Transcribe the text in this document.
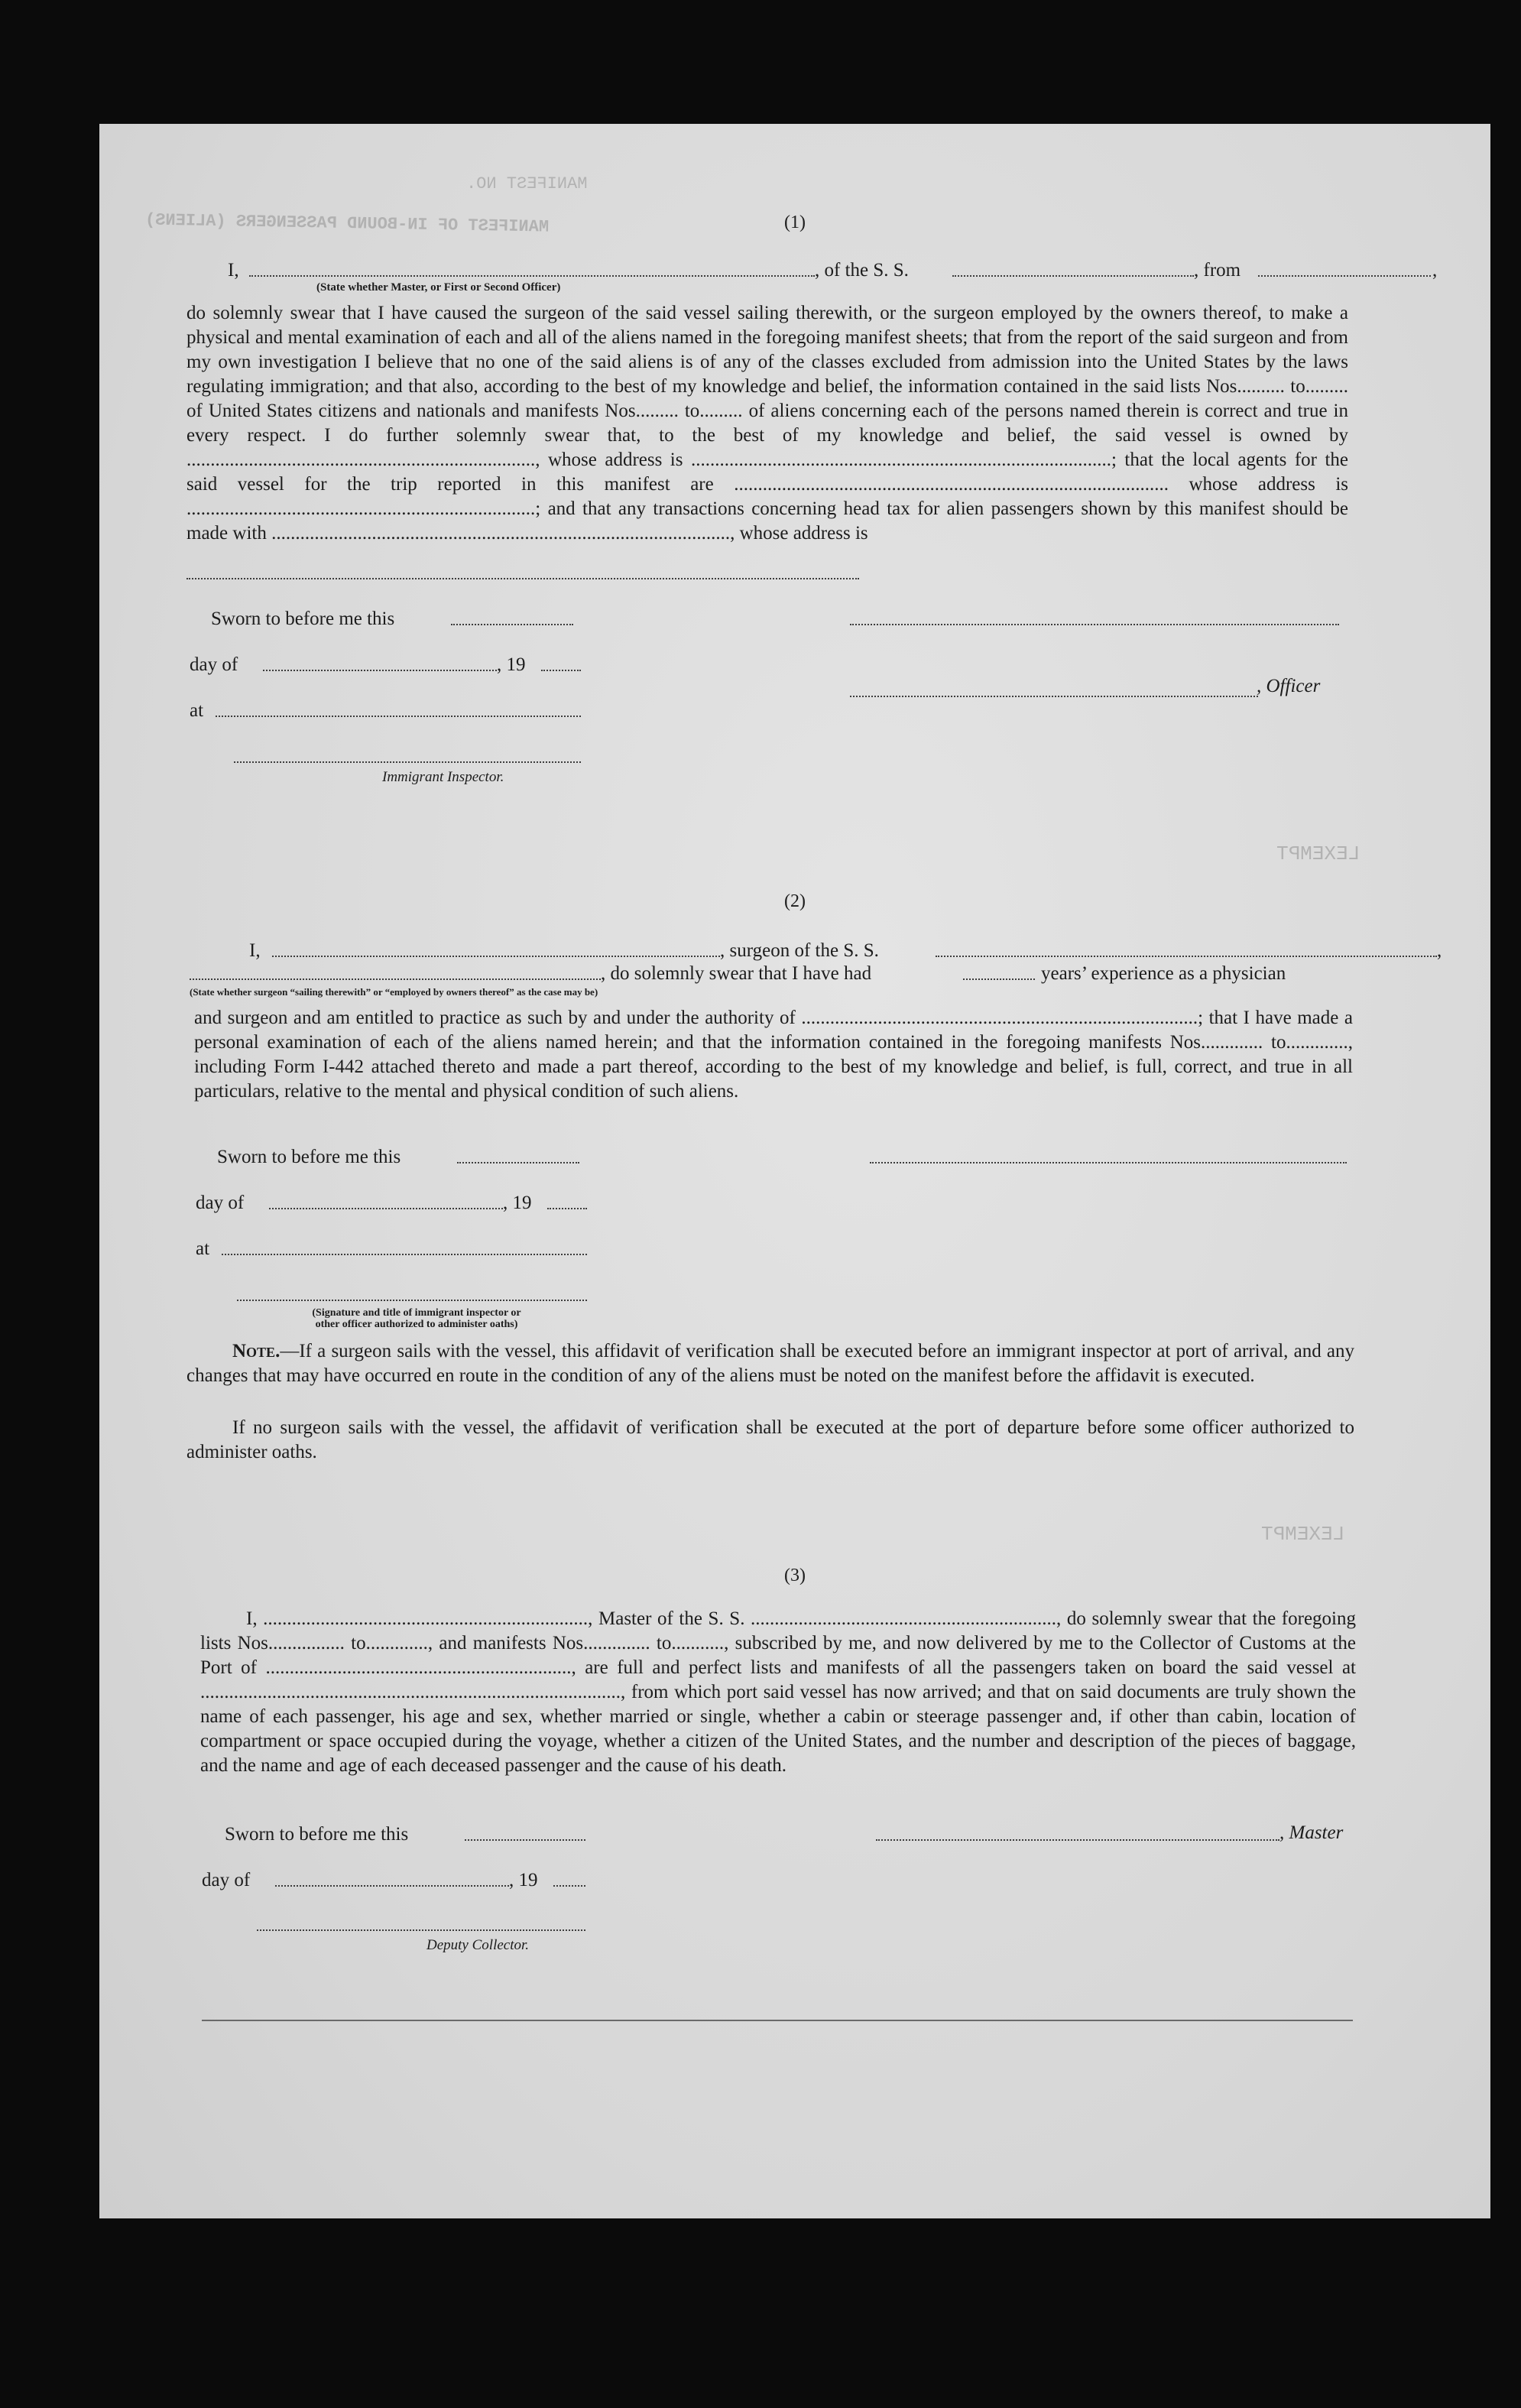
MANIFEST OF IN-BOUND PASSENGERS (ALIENS)
MANIFEST NO.
LEXEMPT
LEXEMPT
(1)
I,	, of the S. S.	, from	,
(State whether Master, or First or Second Officer)

do solemnly swear that I have caused the surgeon of the said vessel sailing therewith, or the surgeon employed by the owners thereof, to make a physical and mental examination of each and all of the aliens named in the foregoing manifest sheets; that from the report of the said surgeon and from my own investigation I believe that no one of the said aliens is of any of the classes excluded from admission into the United States by the laws regulating immigration; and that also, according to the best of my knowledge and belief, the information contained in the said lists Nos.......... to......... of United States citizens and nationals and manifests Nos......... to......... of aliens concerning each of the persons named therein is correct and true in every respect. I do further solemnly swear that, to the best of my knowledge and belief, the said vessel is owned by ........................................................................., whose address is ........................................................................................; that the local agents for the said vessel for the trip reported in this manifest are ........................................................................................... whose address is .........................................................................; and that any transactions concerning head tax for alien passengers shown by this manifest should be made with ................................................................................................, whose address is

Sworn to before me this
day of	, 19
, Officer
at
Immigrant Inspector.
(2)
I,	, surgeon of the S. S.	,
, do solemnly swear that I have had	years’ experience as a physician
(State whether surgeon “sailing therewith” or “employed by owners thereof” as the case may be)

and surgeon and am entitled to practice as such by and under the authority of ...................................................................................; that I have made a personal examination of each of the aliens named herein; and that the information contained in the foregoing manifests Nos............. to............., including Form I-442 attached thereto and made a part thereof, according to the best of my knowledge and belief, is full, correct, and true in all particulars, relative to the mental and physical condition of such aliens.

Sworn to before me this
day of	, 19
at
(Signature and title of immigrant inspector or
other officer authorized to administer oaths)

Note.—If a surgeon sails with the vessel, this affidavit of verification shall be executed before an immigrant inspector at port of arrival, and any changes that may have occurred en route in the condition of any of the aliens must be noted on the manifest before the affidavit is executed.

If no surgeon sails with the vessel, the affidavit of verification shall be executed at the port of departure before some officer authorized to administer oaths.

(3)

I, ...................................................................., Master of the S. S. ................................................................, do solemnly swear that the foregoing lists Nos................ to............., and manifests Nos.............. to..........., subscribed by me, and now delivered by me to the Collector of Customs at the Port of ................................................................, are full and perfect lists and manifests of all the passengers taken on board the said vessel at ........................................................................................, from which port said vessel has now arrived; and that on said documents are truly shown the name of each passenger, his age and sex, whether married or single, whether a cabin or steerage passenger and, if other than cabin, location of compartment or space occupied during the voyage, whether a citizen of the United States, and the number and description of the pieces of baggage, and the name and age of each deceased passenger and the cause of his death.

Sworn to before me this	, Master
day of	, 19
Deputy Collector.
